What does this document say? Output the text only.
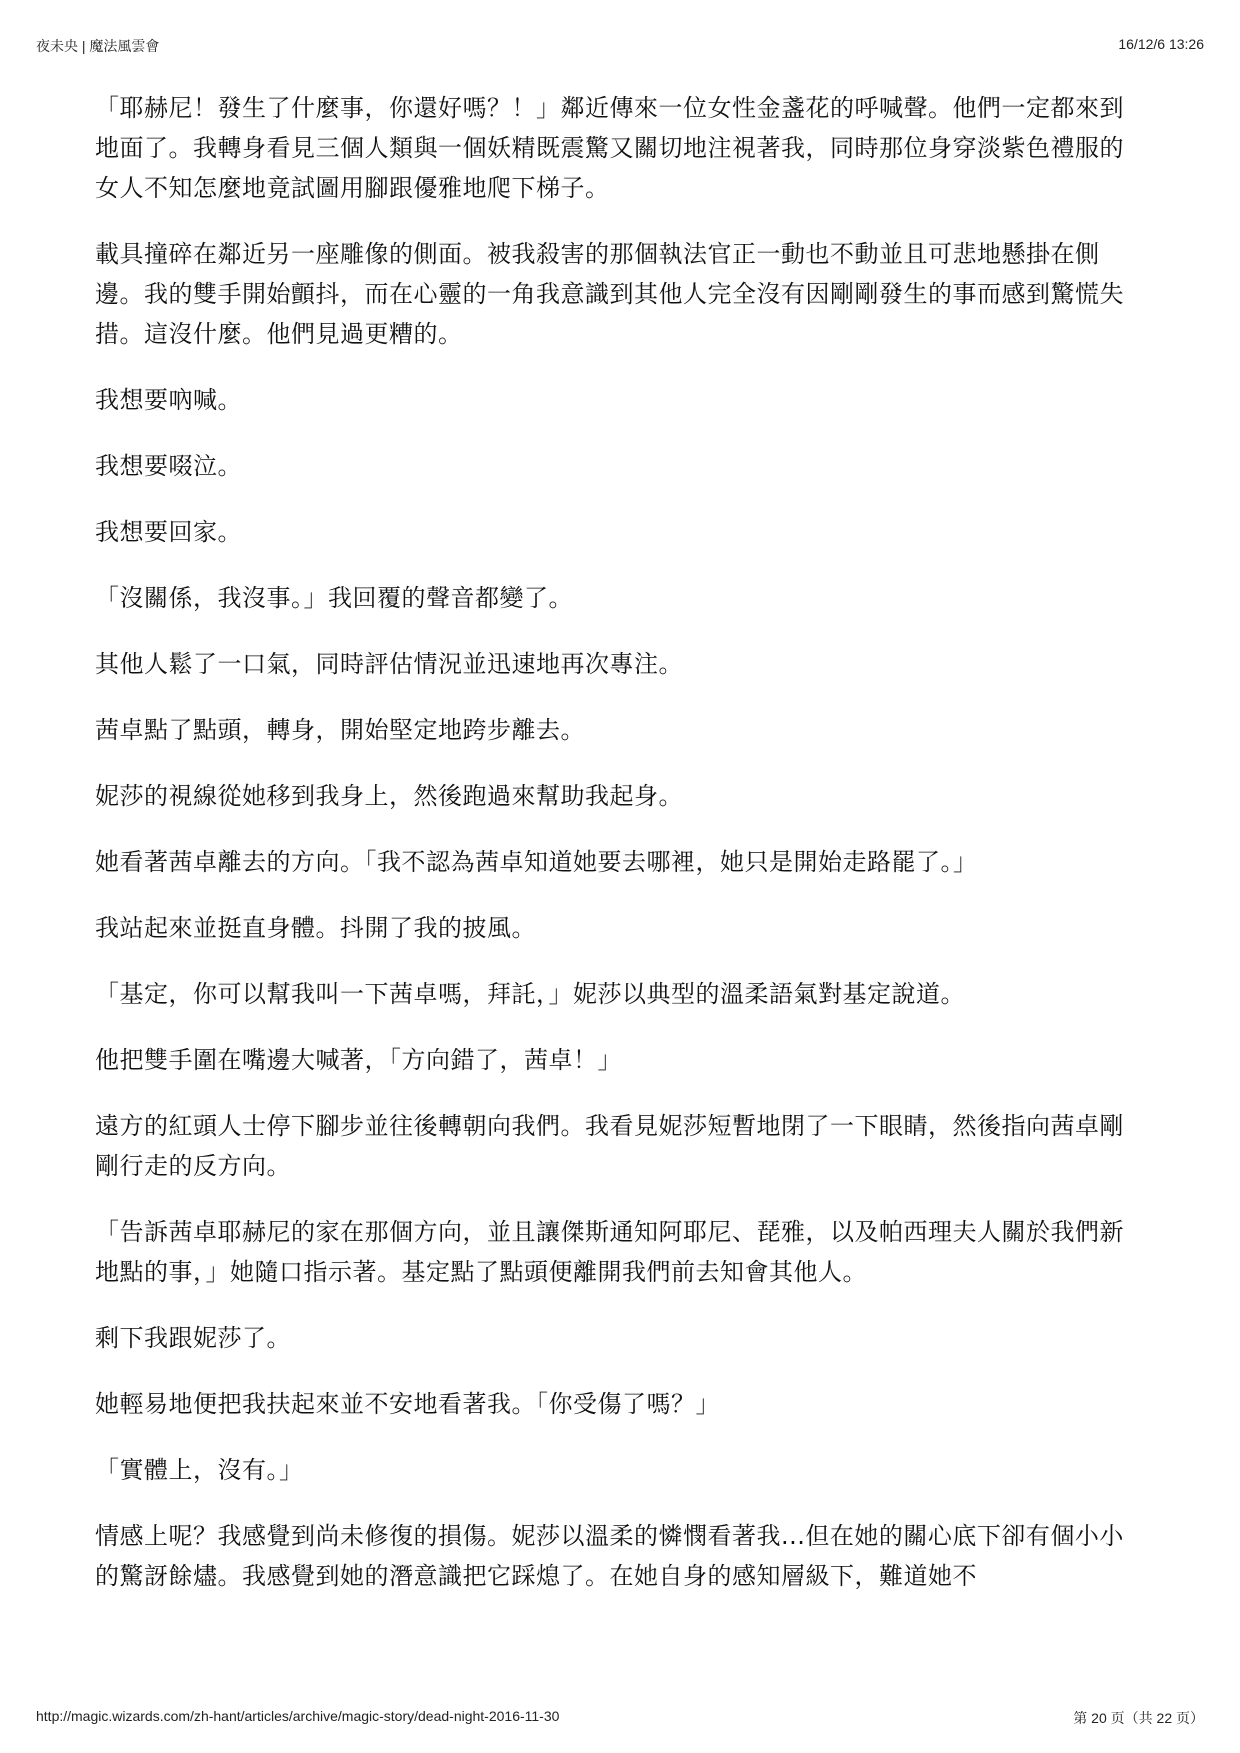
夜未央 | 魔法風雲會	16/12/6 13:26

「耶赫尼！發生了什麼事，你還好嗎？！」鄰近傳來一位女性金盞花的呼喊聲。他們一定都來到地面了。我轉身看見三個人類與一個妖精既震驚又關切地注視著我，同時那位身穿淡紫色禮服的女人不知怎麼地竟試圖用腳跟優雅地爬下梯子。

載具撞碎在鄰近另一座雕像的側面。被我殺害的那個執法官正一動也不動並且可悲地懸掛在側邊。我的雙手開始顫抖，而在心靈的一角我意識到其他人完全沒有因剛剛發生的事而感到驚慌失措。這沒什麼。他們見過更糟的。

我想要吶喊。

我想要啜泣。

我想要回家。

「沒關係，我沒事。」我回覆的聲音都變了。

其他人鬆了一口氣，同時評估情況並迅速地再次專注。

茜卓點了點頭，轉身，開始堅定地跨步離去。

妮莎的視線從她移到我身上，然後跑過來幫助我起身。

她看著茜卓離去的方向。「我不認為茜卓知道她要去哪裡，她只是開始走路罷了。」

我站起來並挺直身體。抖開了我的披風。

「基定，你可以幫我叫一下茜卓嗎，拜託，」妮莎以典型的溫柔語氣對基定說道。

他把雙手圍在嘴邊大喊著，「方向錯了，茜卓！」

遠方的紅頭人士停下腳步並往後轉朝向我們。我看見妮莎短暫地閉了一下眼睛，然後指向茜卓剛剛行走的反方向。

「告訴茜卓耶赫尼的家在那個方向，並且讓傑斯通知阿耶尼、琵雅，以及帕西理夫人關於我們新地點的事，」她隨口指示著。基定點了點頭便離開我們前去知會其他人。

剩下我跟妮莎了。

她輕易地便把我扶起來並不安地看著我。「你受傷了嗎？」

「實體上，沒有。」

情感上呢？我感覺到尚未修復的損傷。妮莎以溫柔的憐憫看著我...但在她的關心底下卻有個小小的驚訝餘燼。我感覺到她的潛意識把它踩熄了。在她自身的感知層級下，難道她不

http://magic.wizards.com/zh-hant/articles/archive/magic-story/dead-night-2016-11-30	第 20 页（共 22 页）
